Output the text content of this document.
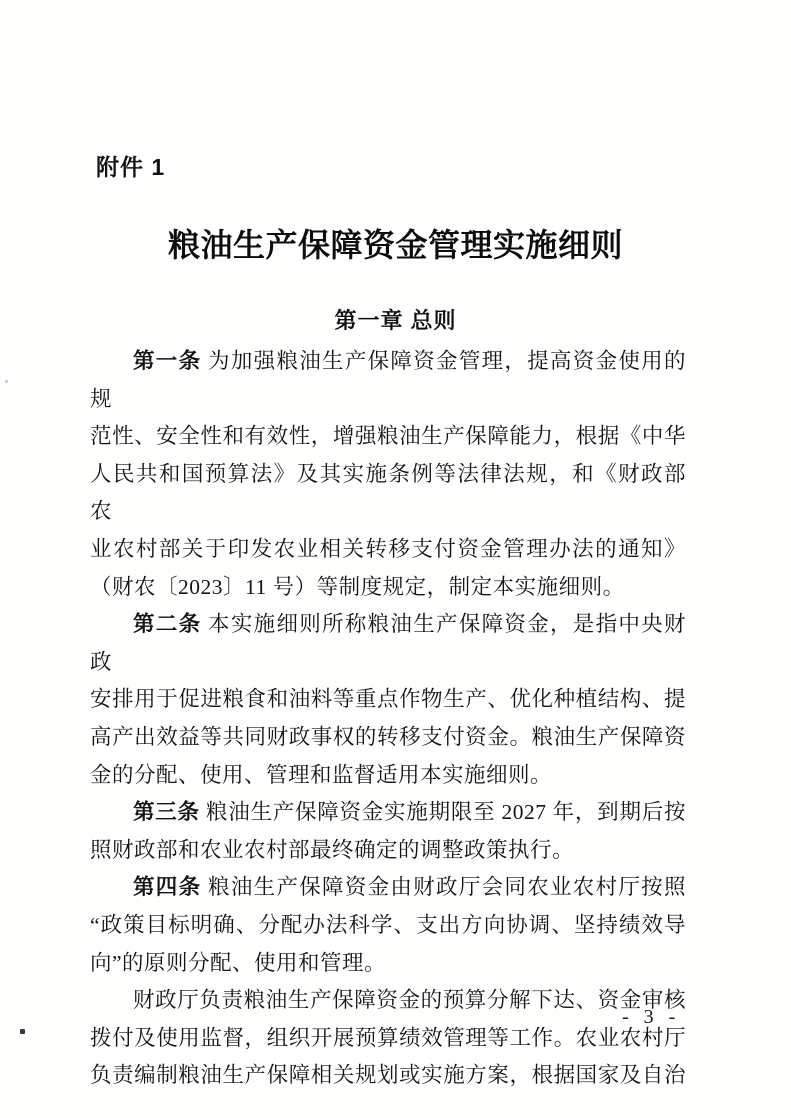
附件 1
粮油生产保障资金管理实施细则
第一章 总则
第一条 为加强粮油生产保障资金管理，提高资金使用的规
范性、安全性和有效性，增强粮油生产保障能力，根据《中华
人民共和国预算法》及其实施条例等法律法规，和《财政部 农
业农村部关于印发农业相关转移支付资金管理办法的通知》
（财农〔2023〕11 号）等制度规定，制定本实施细则。
第二条 本实施细则所称粮油生产保障资金，是指中央财政
安排用于促进粮食和油料等重点作物生产、优化种植结构、提
高产出效益等共同财政事权的转移支付资金。粮油生产保障资
金的分配、使用、管理和监督适用本实施细则。
第三条 粮油生产保障资金实施期限至 2027 年，到期后按
照财政部和农业农村部最终确定的调整政策执行。
第四条 粮油生产保障资金由财政厅会同农业农村厅按照
“政策目标明确、分配办法科学、支出方向协调、坚持绩效导
向”的原则分配、使用和管理。
财政厅负责粮油生产保障资金的预算分解下达、资金审核
拨付及使用监督，组织开展预算绩效管理等工作。农业农村厅
负责编制粮油生产保障相关规划或实施方案，根据国家及自治
- 3 -
